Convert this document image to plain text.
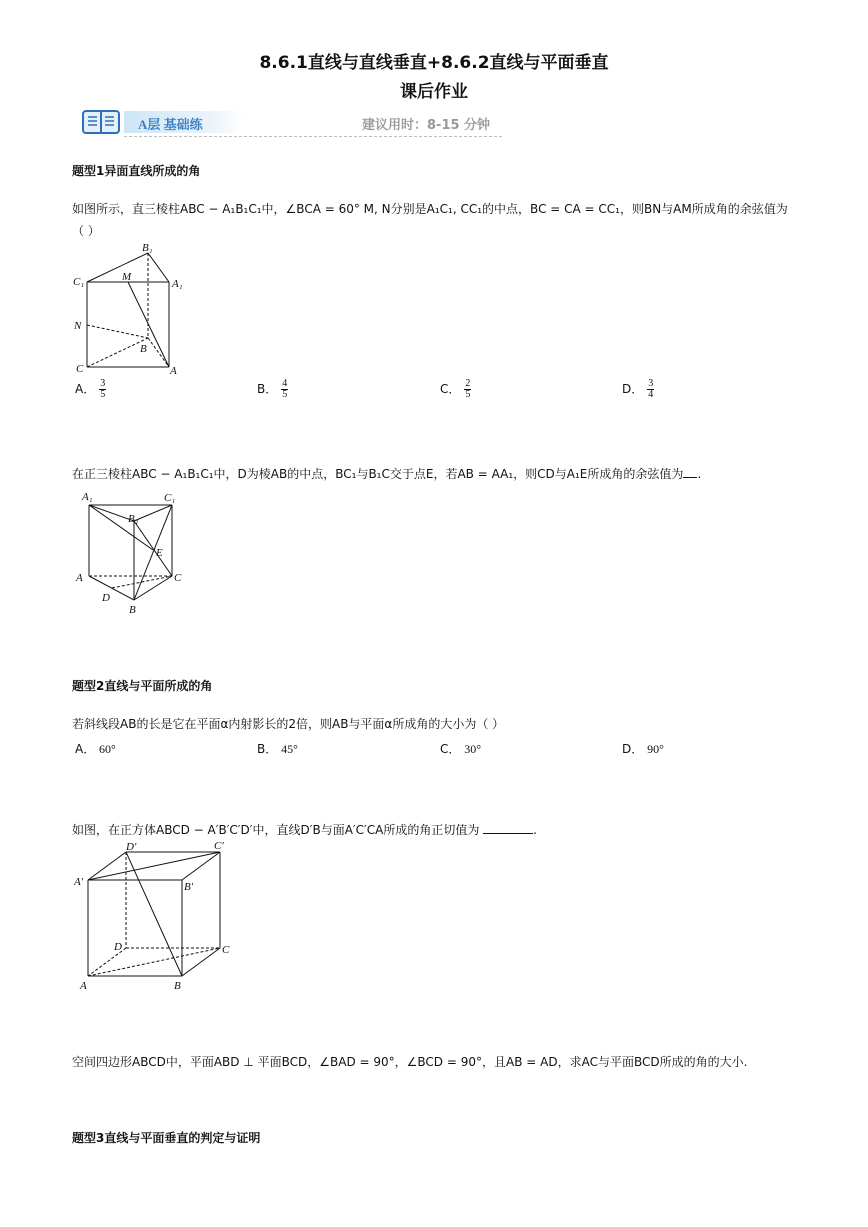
8.6.1直线与直线垂直+8.6.2直线与平面垂直
课后作业
A层 基础练	建议用时：8-15 分钟
题型1异面直线所成的角
如图所示，直三棱柱ABC − A₁B₁C₁中，∠BCA = 60° M, N分别是A₁C₁, CC₁的中点，BC = CA = CC₁，则BN与AM所成角的余弦值为
（ ）
B₁
C₁	A₁
M
N
B
C	A
A． $\frac{3}{5}$	B． $\frac{4}{5}$	C． $\frac{2}{5}$	D． $\frac{3}{4}$
在正三棱柱ABC − A₁B₁C₁中，D为棱AB的中点，BC₁与B₁C交于点E，若AB = AA₁，则CD与A₁E所成角的余弦值为 .
A₁	C₁
B₁
E
A	C
D
B
题型2直线与平面所成的角
若斜线段AB的长是它在平面α内射影长的2倍，则AB与平面α所成角的大小为（ ）
A． 60°	B． 45°	C． 30°	D． 90°
如图，在正方体ABCD − A′B′C′D′中，直线D′B与面A′C′CA所成的角正切值为	.
D′	C′
A′	B′
D	C
A	B
空间四边形ABCD中，平面ABD ⊥ 平面BCD，∠BAD = 90°，∠BCD = 90°，且AB = AD，求AC与平面BCD所成的角的大小.
题型3直线与平面垂直的判定与证明
